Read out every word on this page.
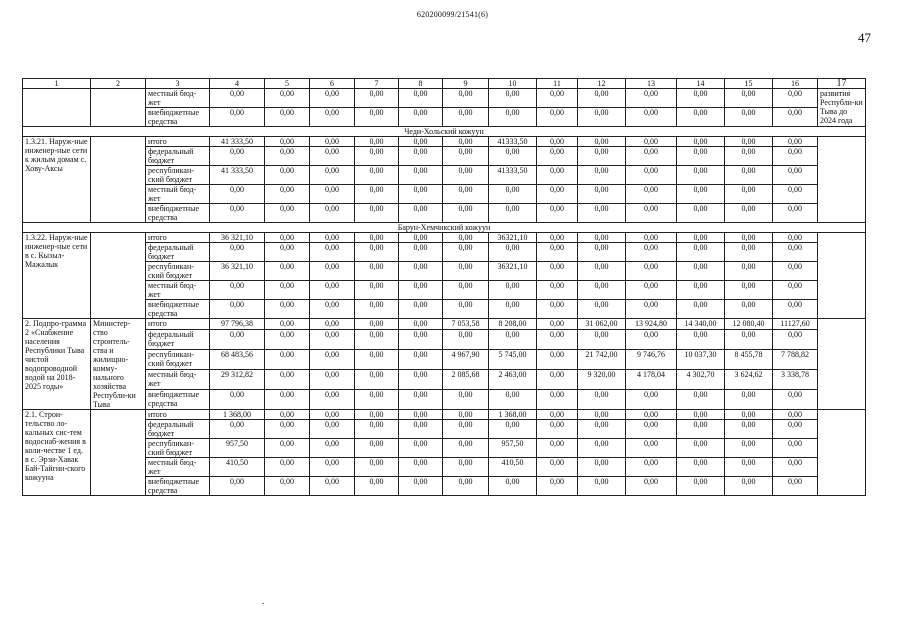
620200099/21541(6)
47
1	2	3	4	5	6	7	8	9	10	11	12	13	14	15	16	17
		местный бюд-жет	0,00	0,00	0,00	0,00	0,00	0,00	0,00	0,00	0,00	0,00	0,00	0,00	0,00	развития Республи-ки Тыва до 2024 года
		внебюджетные средства	0,00	0,00	0,00	0,00	0,00	0,00	0,00	0,00	0,00	0,00	0,00	0,00	0,00	
Чеди-Хольский кожуун																
1.3.21. Наруж-ные инженер-ные сети к жилым домам с. Хову-Аксы		итого	41 333,50	0,00	0,00	0,00	0,00	0,00	41333,50	0,00	0,00	0,00	0,00	0,00	0,00	
		федеральный бюджет	0,00	0,00	0,00	0,00	0,00	0,00	0,00	0,00	0,00	0,00	0,00	0,00	0,00	
		республикан-ский бюджет	41 333,50	0,00	0,00	0,00	0,00	0,00	41333,50	0,00	0,00	0,00	0,00	0,00	0,00	
		местный бюд-жет	0,00	0,00	0,00	0,00	0,00	0,00	0,00	0,00	0,00	0,00	0,00	0,00	0,00	
		внебюджетные средства	0,00	0,00	0,00	0,00	0,00	0,00	0,00	0,00	0,00	0,00	0,00	0,00	0,00	
Барун-Хемчикский кожуун																
1.3.22. Наруж-ные инженер-ные сети в с. Кызыл-Мажалык		итого	36 321,10	0,00	0,00	0,00	0,00	0,00	36321,10	0,00	0,00	0,00	0,00	0,00	0,00	
		федеральный бюджет	0,00	0,00	0,00	0,00	0,00	0,00	0,00	0,00	0,00	0,00	0,00	0,00	0,00	
		республикан-ский бюджет	36 321,10	0,00	0,00	0,00	0,00	0,00	36321,10	0,00	0,00	0,00	0,00	0,00	0,00	
		местный бюд-жет	0,00	0,00	0,00	0,00	0,00	0,00	0,00	0,00	0,00	0,00	0,00	0,00	0,00	
		внебюджетные средства	0,00	0,00	0,00	0,00	0,00	0,00	0,00	0,00	0,00	0,00	0,00	0,00	0,00	
2. Подпро-грамма 2 «Снабжение населения Республики Тыва чистой водопроводной водой на 2018-2025 годы»	Министер-ство строитель-ства и жилищно-комму-нального хозяйства Республи-ки Тыва	итого	97 796,38	0,00	0,00	0,00	0,00	7 053,58	8 208,00	0,00	31 062,00	13 924,80	14 340,00	12 080,40	11127,60	
		федеральный бюджет	0,00	0,00	0,00	0,00	0,00	0,00	0,00	0,00	0,00	0,00	0,00	0,00	0,00	
		республикан-ский бюджет	68 483,56	0,00	0,00	0,00	0,00	4 967,90	5 745,00	0,00	21 742,00	9 746,76	10 037,30	8 455,78	7 788,82	
		местный бюд-жет	29 312,82	0,00	0,00	0,00	0,00	2 085,68	2 463,00	0,00	9 320,00	4 178,04	4 302,70	3 624,62	3 338,78	
		внебюджетные средства	0,00	0,00	0,00	0,00	0,00	0,00	0,00	0,00	0,00	0,00	0,00	0,00	0,00	
2.1. Строи-тельство ло-кальных сис-тем водоснаб-жения в коли-честве 1 ед. в с. Эрзи-Хавак Бай-Тайгин-ского кожууна		итого	1 368,00	0,00	0,00	0,00	0,00	0,00	1 368,00	0,00	0,00	0,00	0,00	0,00	0,00	
		федеральный бюджет	0,00	0,00	0,00	0,00	0,00	0,00	0,00	0,00	0,00	0,00	0,00	0,00	0,00	
		республикан-ский бюджет	957,50	0,00	0,00	0,00	0,00	0,00	957,50	0,00	0,00	0,00	0,00	0,00	0,00	
		местный бюд-жет	410,50	0,00	0,00	0,00	0,00	0,00	410,50	0,00	0,00	0,00	0,00	0,00	0,00	
		внебюджетные средства	0,00	0,00	0,00	0,00	0,00	0,00	0,00	0,00	0,00	0,00	0,00	0,00	0,00	
